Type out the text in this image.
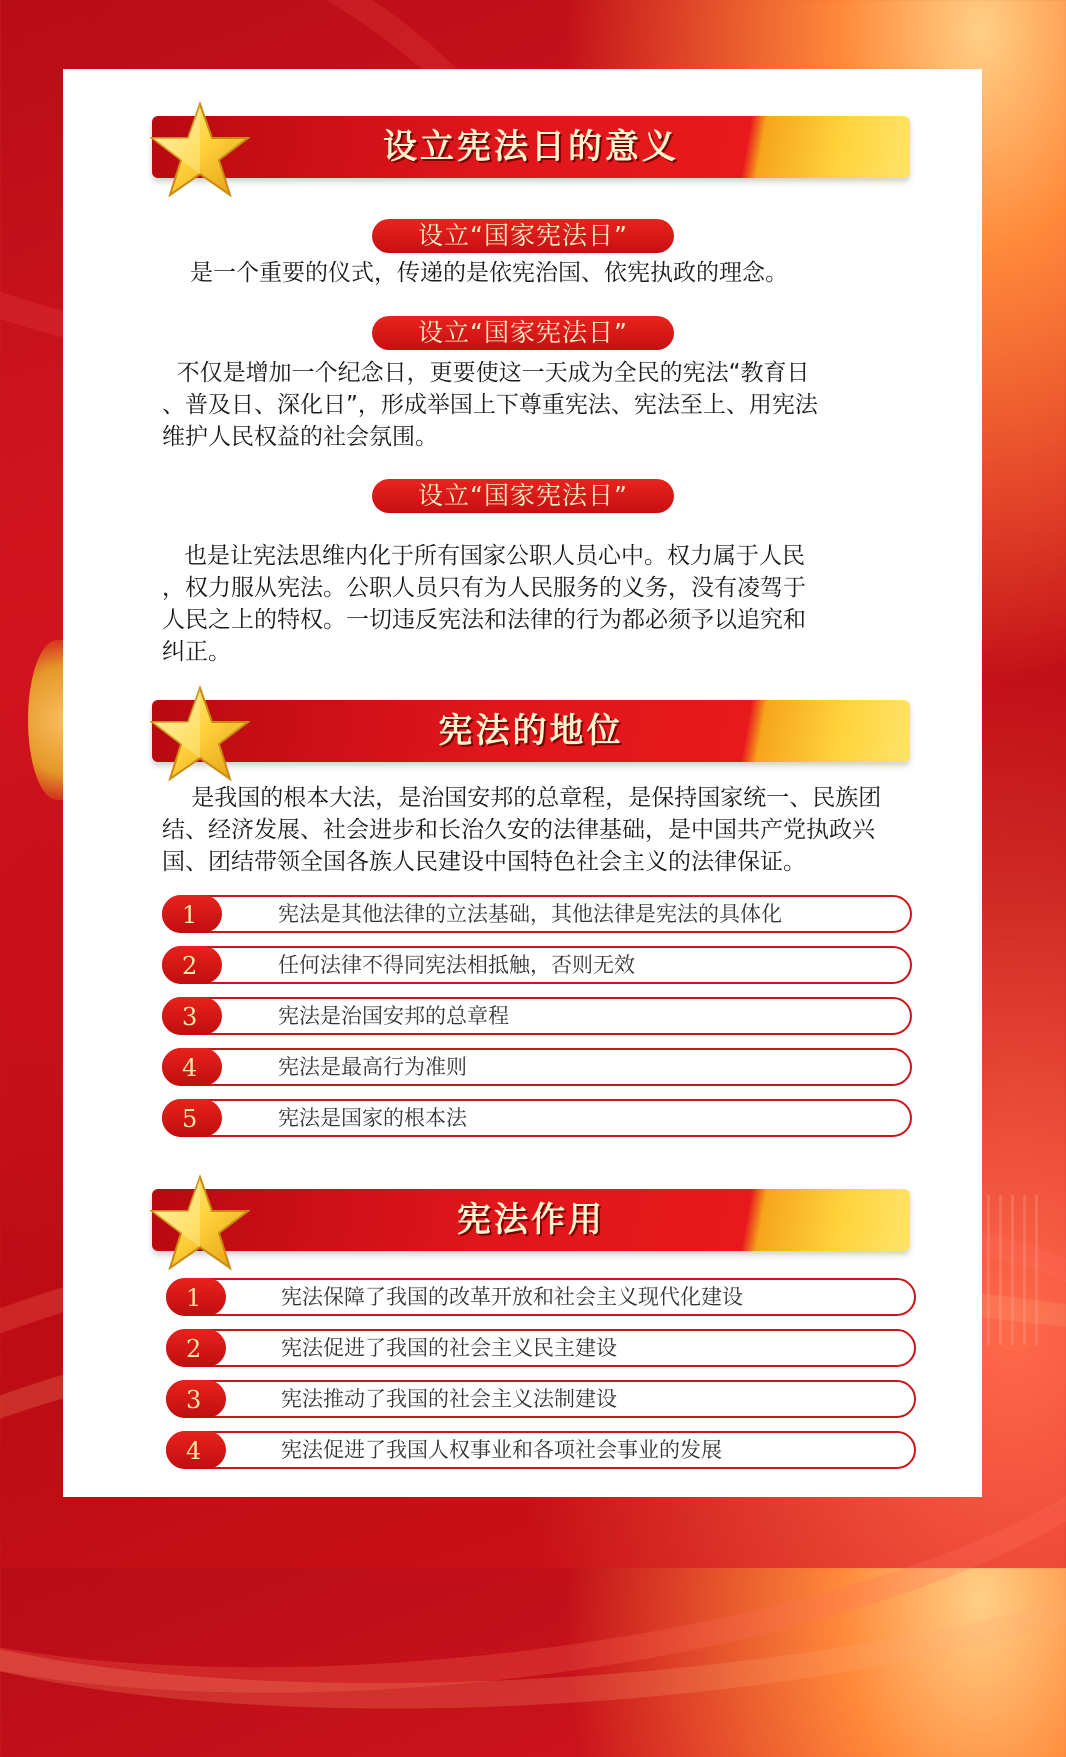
设立宪法日的意义
设立“国家宪法日”
是一个重要的仪式，传递的是依宪治国、依宪执政的理念。
设立“国家宪法日”
不仅是增加一个纪念日，更要使这一天成为全民的宪法“教育日
、普及日、深化日”，形成举国上下尊重宪法、宪法至上、用宪法
维护人民权益的社会氛围。
设立“国家宪法日”
也是让宪法思维内化于所有国家公职人员心中。权力属于人民
，权力服从宪法。公职人员只有为人民服务的义务，没有凌驾于
人民之上的特权。一切违反宪法和法律的行为都必须予以追究和
纠正。
宪法的地位
是我国的根本大法，是治国安邦的总章程，是保持国家统一、民族团
结、经济发展、社会进步和长治久安的法律基础，是中国共产党执政兴
国、团结带领全国各族人民建设中国特色社会主义的法律保证。
1	宪法是其他法律的立法基础，其他法律是宪法的具体化
2	任何法律不得同宪法相抵触，否则无效
3	宪法是治国安邦的总章程
4	宪法是最高行为准则
5	宪法是国家的根本法
宪法作用
1	宪法保障了我国的改革开放和社会主义现代化建设
2	宪法促进了我国的社会主义民主建设
3	宪法推动了我国的社会主义法制建设
4	宪法促进了我国人权事业和各项社会事业的发展
